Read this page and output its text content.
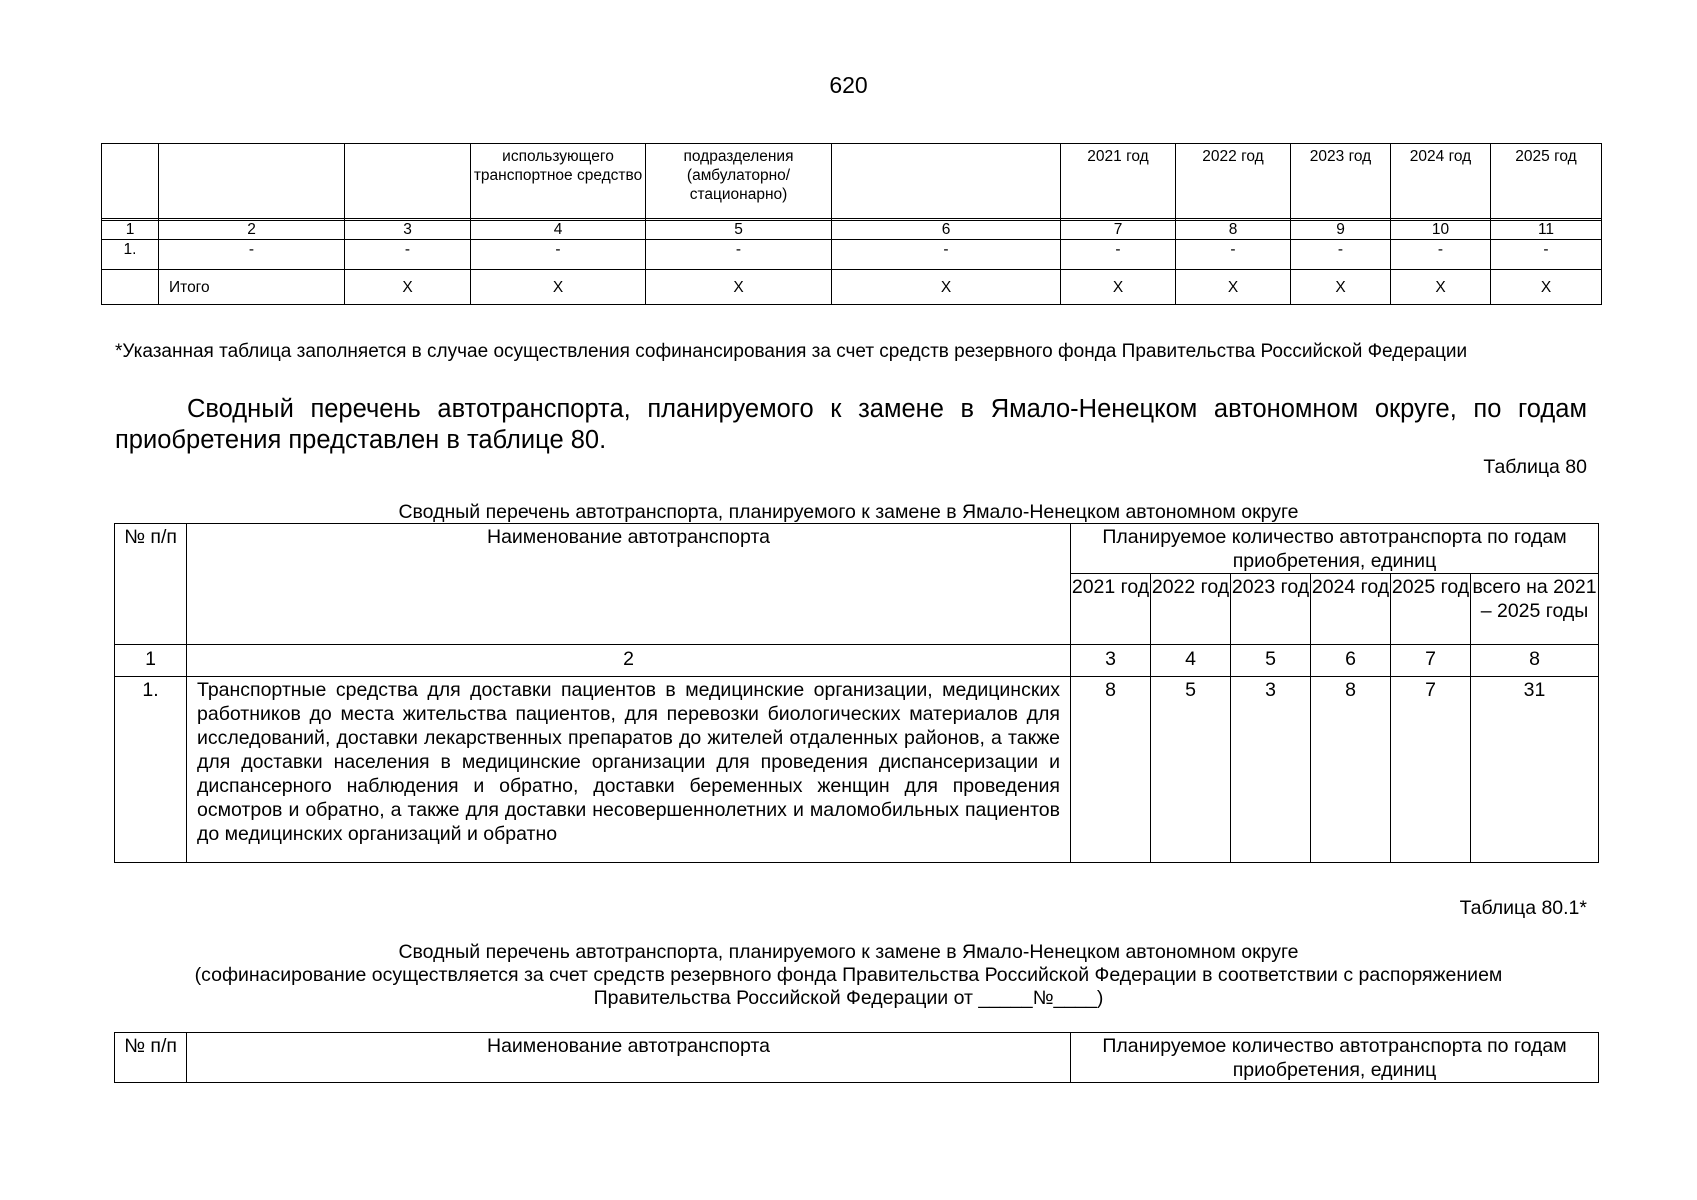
620
			использующего транспортное средство	подразделения (амбулаторно/ стационарно)		2021 год	2022 год	2023 год	2024 год	2025 год

1	2	3	4	5	6	7	8	9	10	11
1.	-	-	-	-	-	-	-	-	-	-
	Итого	X	X	X	X	X	X	X	X	X
*Указанная таблица заполняется в случае осуществления софинансирования за счет средств резервного фонда Правительства Российской Федерации
Сводный перечень автотранспорта, планируемого к замене в Ямало-Ненецком автономном округе, по годам приобретения представлен в таблице 80.
Таблица 80
Сводный перечень автотранспорта, планируемого к замене в Ямало-Ненецком автономном округе
№ п/п	Наименование автотранспорта	Планируемое количество автотранспорта по годам приобретения, единиц					
		2021 год	2022 год	2023 год	2024 год	2025 год	всего на 2021 – 2025 годы
1	2	3	4	5	6	7	8
1.	Транспортные средства для доставки пациентов в медицинские организации, медицинских работников до места жительства пациентов, для перевозки биологических материалов для исследований, доставки лекарственных препаратов до жителей отдаленных районов, а также для доставки населения в медицинские организации для проведения диспансеризации и диспансерного наблюдения и обратно, доставки беременных женщин для проведения осмотров и обратно, а также для доставки несовершеннолетних и маломобильных пациентов до медицинских организаций и обратно	8	5	3	8	7	31
Таблица 80.1*
Сводный перечень автотранспорта, планируемого к замене в Ямало-Ненецком автономном округе
(софинасирование осуществляется за счет средств резервного фонда Правительства Российской Федерации в соответствии с распоряжением
Правительства Российской Федерации от _____№____)
№ п/п	Наименование автотранспорта	Планируемое количество автотранспорта по годам приобретения, единиц
